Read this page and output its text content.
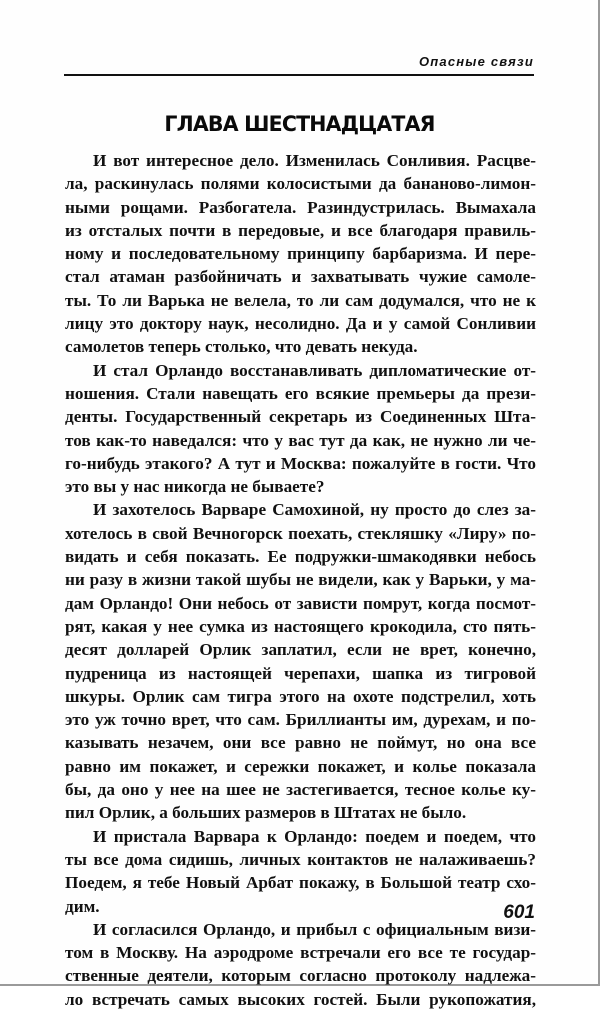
Опасные связи
ГЛАВА ШЕСТНАДЦАТАЯ
И вот интересное дело. Изменилась Сонливия. Расцве-
ла, раскинулась полями колосистыми да бананово-лимон-
ными рощами. Разбогатела. Разиндустрилась. Вымахала
из отсталых почти в передовые, и все благодаря правиль-
ному и последовательному принципу барбаризма. И пере-
стал атаман разбойничать и захватывать чужие самоле-
ты. То ли Варька не велела, то ли сам додумался, что не к
лицу это доктору наук, несолидно. Да и у самой Сонливии
самолетов теперь столько, что девать некуда.
И стал Орландо восстанавливать дипломатические от-
ношения. Стали навещать его всякие премьеры да прези-
денты. Государственный секретарь из Соединенных Шта-
тов как-то наведался: что у вас тут да как, не нужно ли че-
го-нибудь этакого? А тут и Москва: пожалуйте в гости. Что
это вы у нас никогда не бываете?
И захотелось Варваре Самохиной, ну просто до слез за-
хотелось в свой Вечногорск поехать, стекляшку «Лиру» по-
видать и себя показать. Ее подружки-шмакодявки небось
ни разу в жизни такой шубы не видели, как у Варьки, у ма-
дам Орландо! Они небось от зависти помрут, когда посмот-
рят, какая у нее сумка из настоящего крокодила, сто пять-
десят долларей Орлик заплатил, если не врет, конечно,
пудреница из настоящей черепахи, шапка из тигровой
шкуры. Орлик сам тигра этого на охоте подстрелил, хоть
это уж точно врет, что сам. Бриллианты им, дурехам, и по-
казывать незачем, они все равно не поймут, но она все
равно им покажет, и сережки покажет, и колье показала
бы, да оно у нее на шее не застегивается, тесное колье ку-
пил Орлик, а больших размеров в Штатах не было.
И пристала Варвара к Орландо: поедем и поедем, что
ты все дома сидишь, личных контактов не налаживаешь?
Поедем, я тебе Новый Арбат покажу, в Большой театр схо-
дим.
И согласился Орландо, и прибыл с официальным визи-
том в Москву. На аэродроме встречали его все те государ-
ственные деятели, которым согласно протоколу надлежа-
ло встречать самых высоких гостей. Были рукопожатия,
601
